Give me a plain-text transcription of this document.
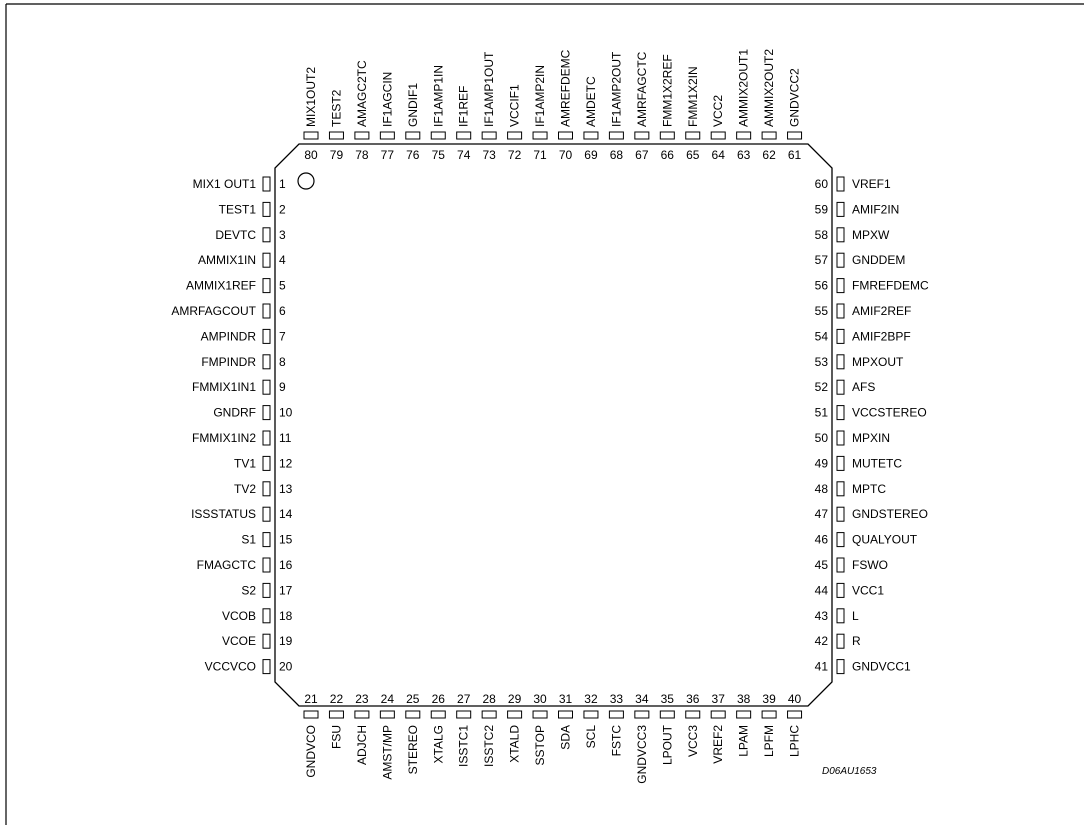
MIX1 OUT1 1
TEST1 2
DEVTC 3
AMMIX1IN 4
AMMIX1REF 5
AMRFAGCOUT 6
AMPINDR 7
FMPINDR 8
FMMIX1IN1 9
GNDRF 10
FMMIX1IN2 11
TV1 12
TV2 13
ISSSTATUS 14
S1 15
FMAGCTC 16
S2 17
VCOB 18
VCOE 19
VCCVCO 20	GNDVCC1
41
R
42
L
43
VCC1
44
FSWO
45
QUALYOUT
46
GNDSTEREO
47
MPTC
48
MUTETC
49
MPXIN
50
VCCSTEREO
51
AFS
52
MPXOUT
53
AMIF2BPF
54
AMIF2REF
55
FMREFDEMC
56
GNDDEM
57
MPXW
58
AMIF2IN
59
VREF1
60
21
GNDVCO
22
FSU
23
ADJCH
24
AMST/MP
25
STEREO
26
XTALG
27
ISSTC1
28
ISSTC2
29
XTALD
30
SSTOP
31
SDA
32
SCL
33
FSTC
34
GNDVCC3
35
LPOUT
36
VCC3
37
VREF2
38
LPAM
39
LPFM
40
LPHC
61
GNDVCC2
62
AMMIX2OUT2
63
AMMIX2OUT1
64
VCC2
65
FMM1X2IN
66
FMM1X2REF
67
AMRFAGCTC
68
IF1AMP2OUT
69
AMDETC
70
AMREFDEMC
71
IF1AMP2IN
72
VCCIF1
73
IF1AMP1OUT
74
IF1REF
75
IF1AMP1IN
76
GNDIF1
77
IF1AGCIN
78
AMAGC2TC
79
TEST2
80
MIX1OUT2
D06AU1653
